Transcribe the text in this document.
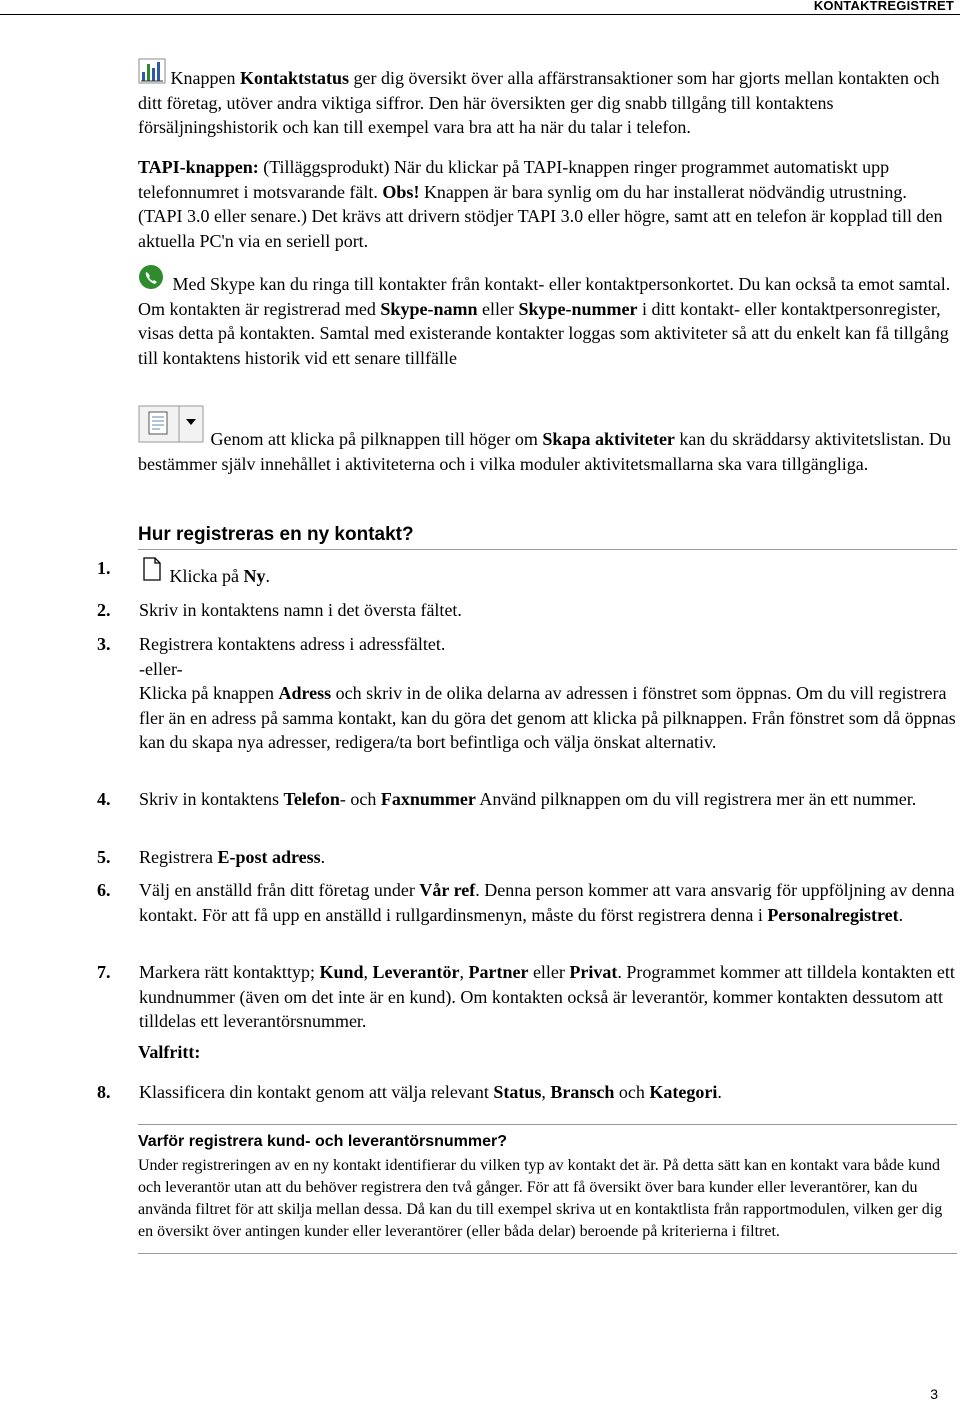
KONTAKTREGISTRET

Knappen Kontaktstatus ger dig översikt över alla affärstransaktioner som har gjorts mellan kontakten och ditt företag, utöver andra viktiga siffror. Den här översikten ger dig snabb tillgång till kontaktens försäljningshistorik och kan till exempel vara bra att ha när du talar i telefon.

TAPI-knappen: (Tilläggsprodukt) När du klickar på TAPI-knappen ringer programmet automatiskt upp telefonnumret i motsvarande fält. Obs! Knappen är bara synlig om du har installerat nödvändig utrustning. (TAPI 3.0 eller senare.) Det krävs att drivern stödjer TAPI 3.0 eller högre, samt att en telefon är kopplad till den aktuella PC'n via en seriell port.

Med Skype kan du ringa till kontakter från kontakt- eller kontaktpersonkortet. Du kan också ta emot samtal. Om kontakten är registrerad med Skype-namn eller Skype-nummer i ditt kontakt- eller kontaktpersonregister, visas detta på kontakten. Samtal med existerande kontakter loggas som aktiviteter så att du enkelt kan få tillgång till kontaktens historik vid ett senare tillfälle

Genom att klicka på pilknappen till höger om Skapa aktiviteter kan du skräddarsy aktivitetslistan. Du bestämmer själv innehållet i aktiviteterna och i vilka moduler aktivitetsmallarna ska vara tillgängliga.

Hur registreras en ny kontakt?
1.	Klicka på Ny.
2. Skriv in kontaktens namn i det översta fältet.
3. Registrera kontaktens adress i adressfältet.
-eller-
Klicka på knappen Adress och skriv in de olika delarna av adressen i fönstret som öppnas. Om du vill registrera fler än en adress på samma kontakt, kan du göra det genom att klicka på pilknappen. Från fönstret som då öppnas kan du skapa nya adresser, redigera/ta bort befintliga och välja önskat alternativ.
4. Skriv in kontaktens Telefon- och Faxnummer Använd pilknappen om du vill registrera mer än ett nummer.
5. Registrera E-post adress.
6. Välj en anställd från ditt företag under Vår ref. Denna person kommer att vara ansvarig för uppföljning av denna kontakt. För att få upp en anställd i rullgardinsmenyn, måste du först registrera denna i Personalregistret.
7. Markera rätt kontakttyp; Kund, Leverantör, Partner eller Privat. Programmet kommer att tilldela kontakten ett kundnummer (även om det inte är en kund). Om kontakten också är leverantör, kommer kontakten dessutom att tilldelas ett leverantörsnummer.
8. Klassificera din kontakt genom att välja relevant Status, Bransch och Kategori.
Valfritt:
Varför registrera kund- och leverantörsnummer?
Under registreringen av en ny kontakt identifierar du vilken typ av kontakt det är. På detta sätt kan en kontakt vara både kund och leverantör utan att du behöver registrera den två gånger. För att få översikt över bara kunder eller leverantörer, kan du använda filtret för att skilja mellan dessa. Då kan du till exempel skriva ut en kontaktlista från rapportmodulen, vilken ger dig en översikt över antingen kunder eller leverantörer (eller båda delar) beroende på kriterierna i filtret.
3
